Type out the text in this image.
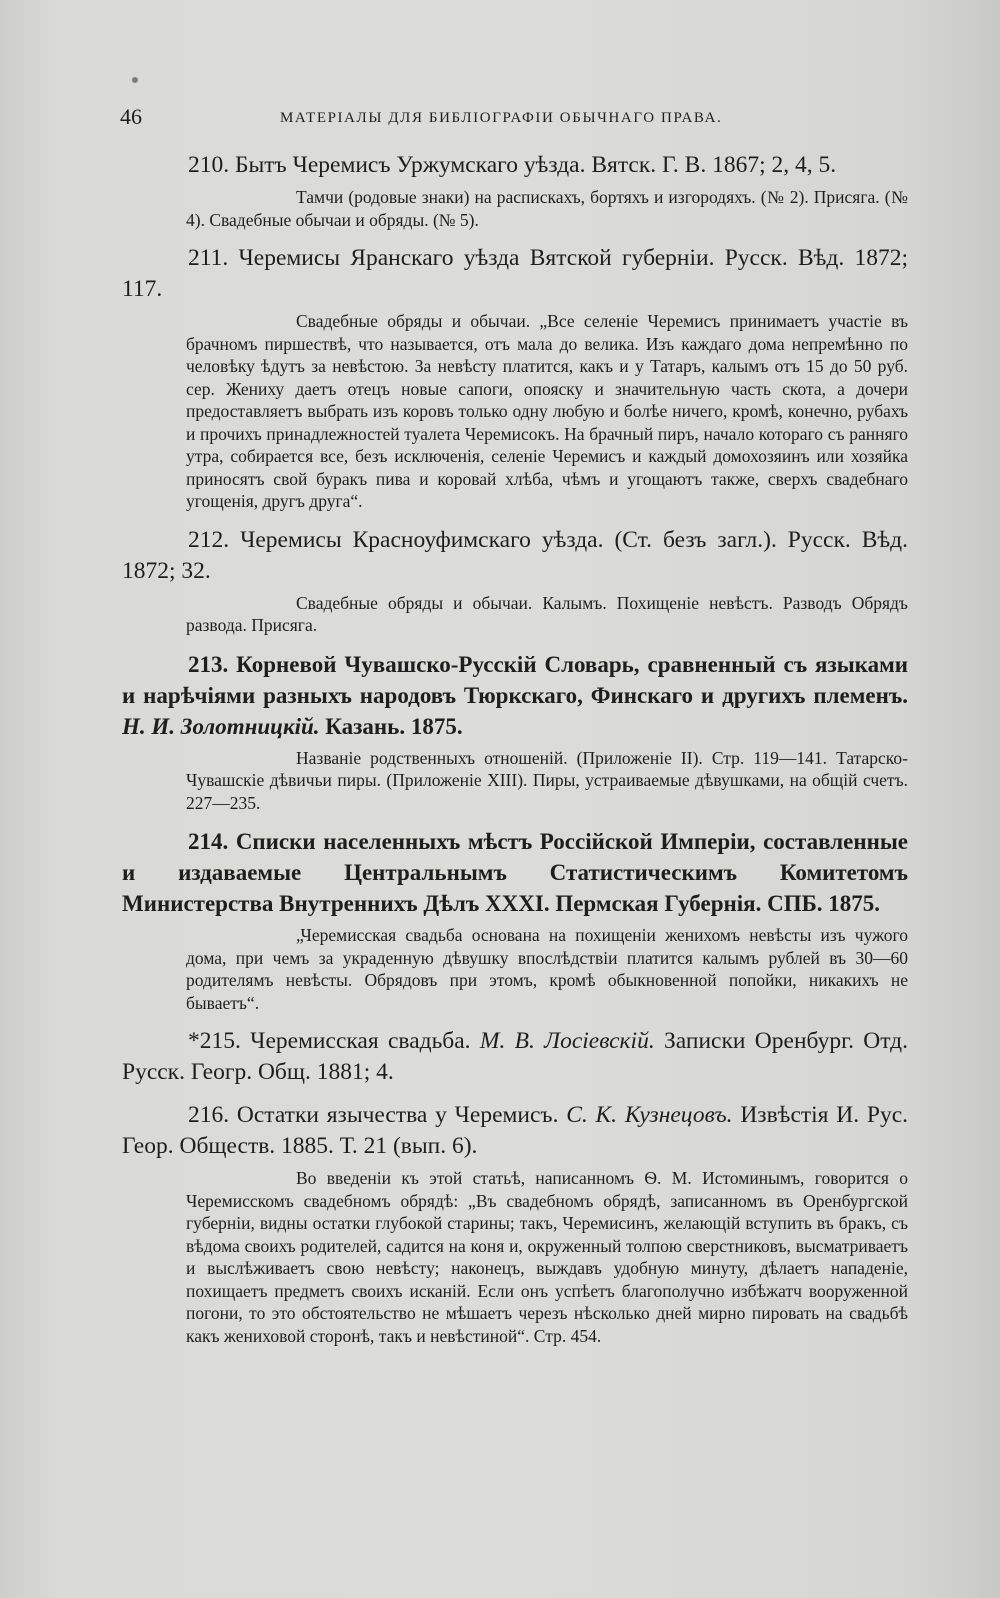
46	МАТЕРІАЛЫ ДЛЯ БИБЛІОГРАФІИ ОБЫЧНАГО ПРАВА.

210. Бытъ Черемисъ Уржумскаго уѣзда. Вятск. Г. В. 1867; 2, 4, 5.

Тамчи (родовые знаки) на распискахъ, бортяхъ и изгородяхъ. (№ 2). Присяга. (№ 4). Свадебные обычаи и обряды. (№ 5).

211. Черемисы Яранскаго уѣзда Вятской губерніи. Русск. Вѣд. 1872; 117.

Свадебные обряды и обычаи. „Все селеніе Черемисъ принимаетъ участіе въ брачномъ пиршествѣ, что называется, отъ мала до велика. Изъ каждаго дома непремѣнно по человѣку ѣдутъ за невѣстою. За невѣсту платится, какъ и у Татаръ, калымъ отъ 15 до 50 руб. сер. Жениху даетъ отецъ новые сапоги, опояску и значительную часть скота, а дочери предоставляетъ выбрать изъ коровъ только одну любую и болѣе ничего, кромѣ, конечно, рубахъ и прочихъ принадлежностей туалета Черемисокъ. На брачный пиръ, начало котораго съ ранняго утра, собирается все, безъ исключенія, селеніе Черемисъ и каждый домохозяинъ или хозяйка приносятъ свой буракъ пива и коровай хлѣба, чѣмъ и угощаютъ также, сверхъ свадебнаго угощенія, другъ друга“.

212. Черемисы Красноуфимскаго уѣзда. (Ст. безъ загл.). Русск. Вѣд. 1872; 32.

Свадебные обряды и обычаи. Калымъ. Похищеніе невѣстъ. Разводъ Обрядъ развода. Присяга.

213. Корневой Чувашско-Русскій Словарь, сравненный съ языками и нарѣчіями разныхъ народовъ Тюркскаго, Финскаго и другихъ племенъ. Н. И. Золотницкій. Казань. 1875.

Названіе родственныхъ отношеній. (Приложеніе II). Стр. 119—141. Татарско-Чувашскіе дѣвичьи пиры. (Приложеніе XIII). Пиры, устраиваемые дѣвушками, на общій счетъ. 227—235.

214. Списки населенныхъ мѣстъ Россійской Имперіи, составленные и издаваемые Центральнымъ Статистическимъ Комитетомъ Министерства Внутреннихъ Дѣлъ XXXI. Пермская Губернія. СПБ. 1875.

„Черемисская свадьба основана на похищеніи женихомъ невѣсты изъ чужого дома, при чемъ за украденную дѣвушку впослѣдствіи платится калымъ рублей въ 30—60 родителямъ невѣсты. Обрядовъ при этомъ, кромѣ обыкновенной попойки, никакихъ не бываетъ“.

*215. Черемисская свадьба. М. В. Лосіевскій. Записки Оренбург. Отд. Русск. Геогр. Общ. 1881; 4.

216. Остатки язычества у Черемисъ. С. К. Кузнецовъ. Извѣстія И. Рус. Геор. Обществ. 1885. Т. 21 (вып. 6).

Во введеніи къ этой статьѣ, написанномъ Ѳ. М. Истоминымъ, говорится о Черемисскомъ свадебномъ обрядѣ: „Въ свадебномъ обрядѣ, записанномъ въ Оренбургской губерніи, видны остатки глубокой старины; такъ, Черемисинъ, желающій вступить въ бракъ, съ вѣдома своихъ родителей, садится на коня и, окруженный толпою сверстниковъ, высматриваетъ и выслѣживаетъ свою невѣсту; наконецъ, выждавъ удобную минуту, дѣлаетъ нападеніе, похищаетъ предметъ своихъ исканій. Если онъ успѣетъ благополучно избѣжатч вооруженной погони, то это обстоятельство не мѣшаетъ черезъ нѣсколько дней мирно пировать на свадьбѣ какъ жениховой сторонѣ, такъ и невѣстиной“. Стр. 454.
